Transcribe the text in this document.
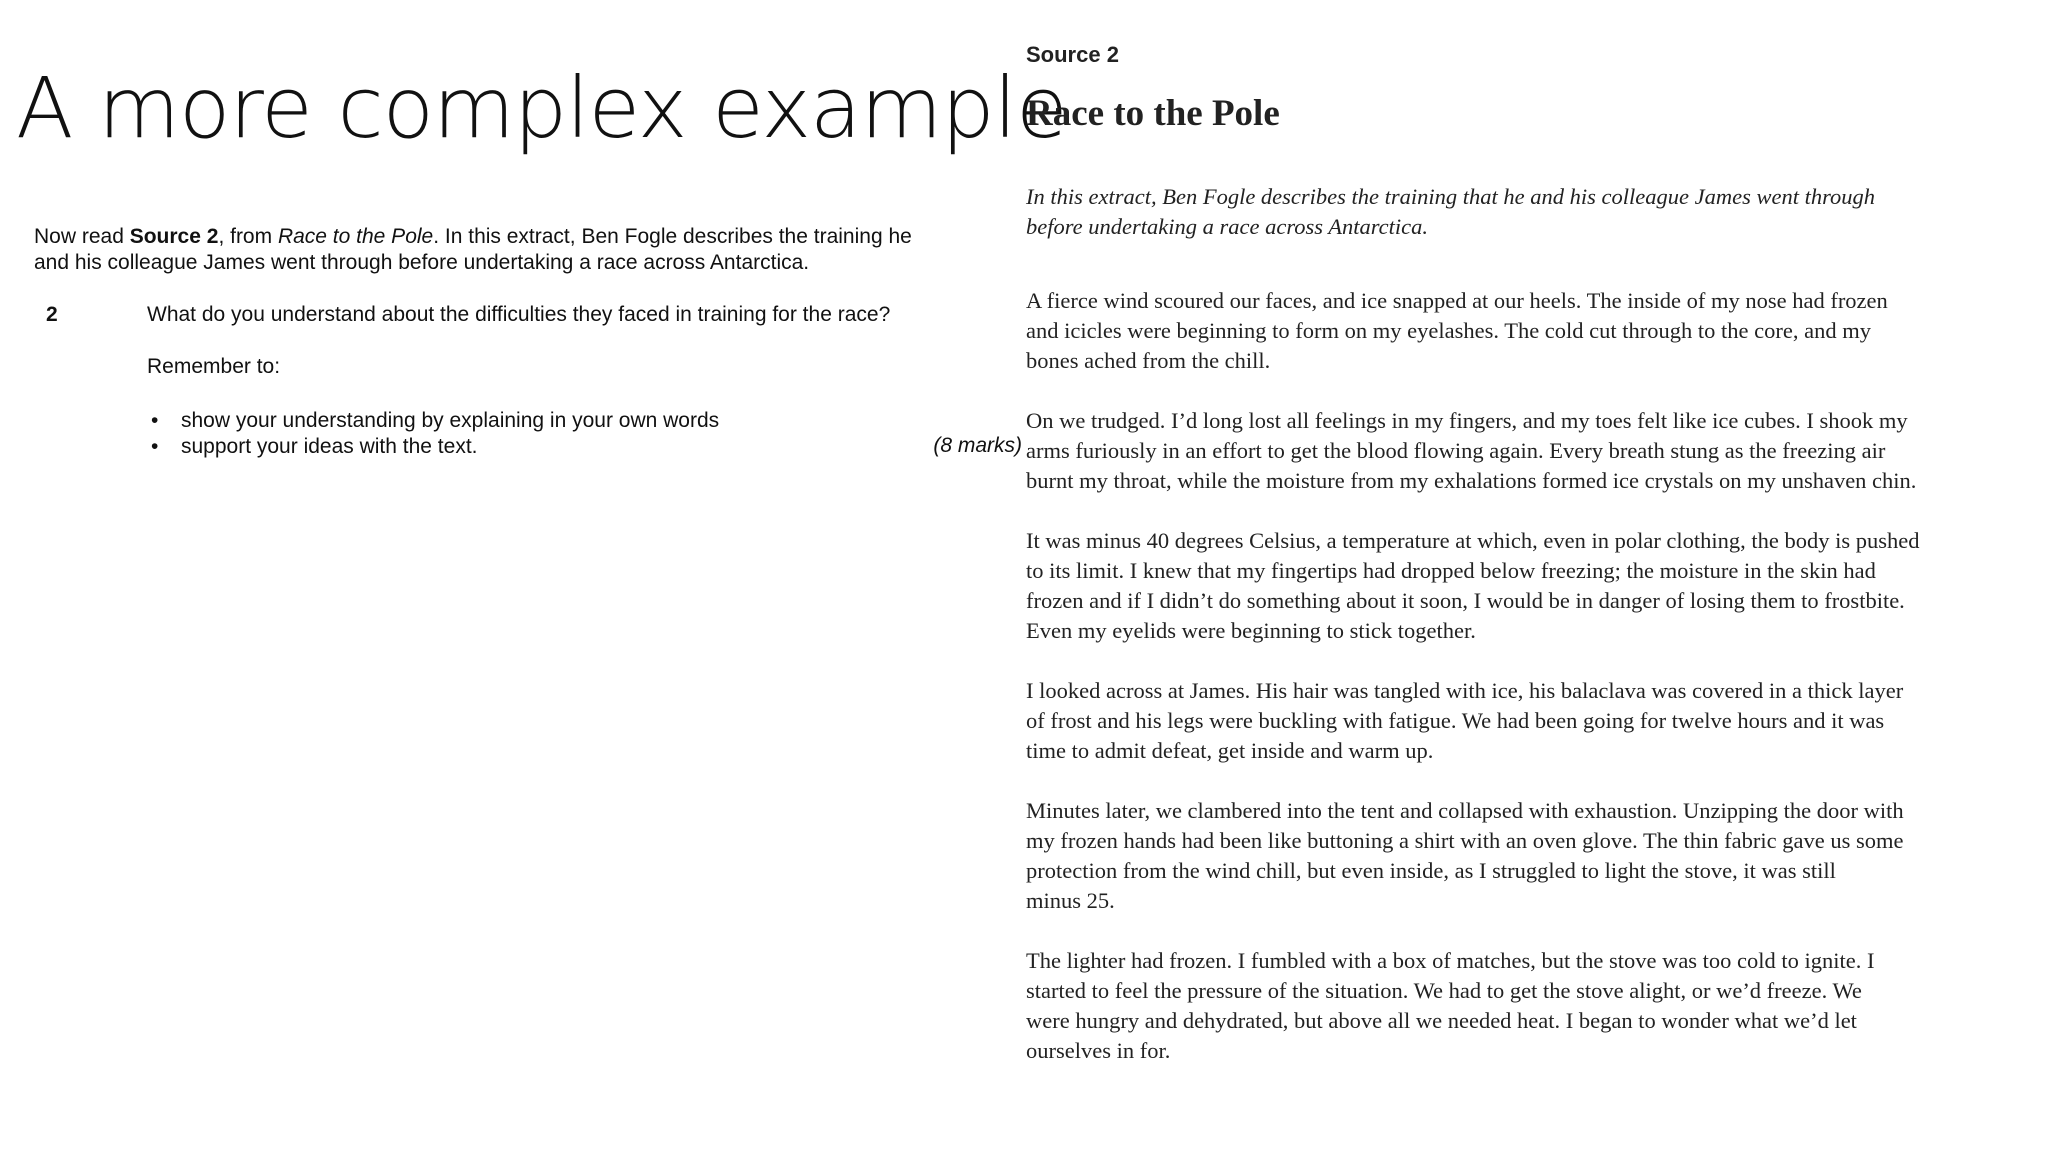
A more complex example

Now read Source 2, from Race to the Pole. In this extract, Ben Fogle describes the training he
and his colleague James went through before undertaking a race across Antarctica.

2	What do you understand about the difficulties they faced in training for the race?
Remember to:
• show your understanding by explaining in your own words
• support your ideas with the text.	(8 marks)

Source 2

Race to the Pole

In this extract, Ben Fogle describes the training that he and his colleague James went through
before undertaking a race across Antarctica.

A fierce wind scoured our faces, and ice snapped at our heels. The inside of my nose had frozen
and icicles were beginning to form on my eyelashes. The cold cut through to the core, and my
bones ached from the chill.

On we trudged. I’d long lost all feelings in my fingers, and my toes felt like ice cubes. I shook my
arms furiously in an effort to get the blood flowing again. Every breath stung as the freezing air
burnt my throat, while the moisture from my exhalations formed ice crystals on my unshaven chin.

It was minus 40 degrees Celsius, a temperature at which, even in polar clothing, the body is pushed
to its limit. I knew that my fingertips had dropped below freezing; the moisture in the skin had
frozen and if I didn’t do something about it soon, I would be in danger of losing them to frostbite.
Even my eyelids were beginning to stick together.

I looked across at James. His hair was tangled with ice, his balaclava was covered in a thick layer
of frost and his legs were buckling with fatigue. We had been going for twelve hours and it was
time to admit defeat, get inside and warm up.

Minutes later, we clambered into the tent and collapsed with exhaustion. Unzipping the door with
my frozen hands had been like buttoning a shirt with an oven glove. The thin fabric gave us some
protection from the wind chill, but even inside, as I struggled to light the stove, it was still
minus 25.

The lighter had frozen. I fumbled with a box of matches, but the stove was too cold to ignite. I
started to feel the pressure of the situation. We had to get the stove alight, or we’d freeze. We
were hungry and dehydrated, but above all we needed heat. I began to wonder what we’d let
ourselves in for.
